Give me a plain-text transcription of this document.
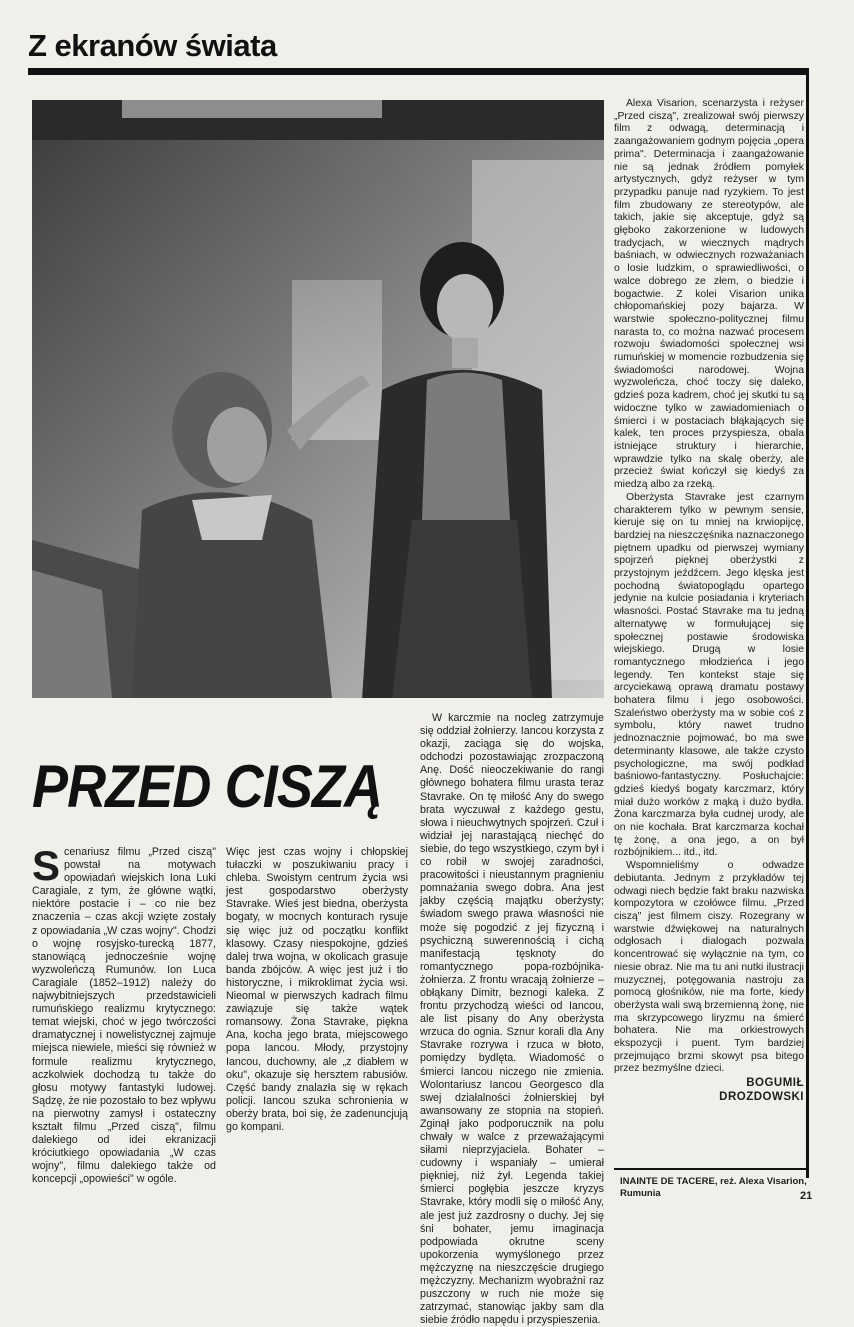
Z ekranów świata
PRZED CISZĄ

Scenariusz filmu „Przed ciszą" powstał na motywach opowiadań wiejskich Iona Luki Caragiale, z tym, że główne wątki, niektóre postacie i – co nie bez znaczenia – czas akcji wzięte zostały z opowiadania „W czas wojny". Chodzi o wojnę rosyjsko-turecką 1877, stanowiącą jednocześnie wojnę wyzwoleńczą Rumunów. Ion Luca Caragiale (1852–1912) należy do najwybitniejszych przedstawicieli rumuńskiego realizmu krytycznego: temat wiejski, choć w jego twórczości dramatycznej i nowelistycznej zajmuje miejsca niewiele, mieści się również w formule realizmu krytycznego, aczkolwiek dochodzą tu także do głosu motywy fantastyki ludowej. Sądzę, że nie pozostało to bez wpływu na pierwotny zamysł i ostateczny kształt filmu „Przed ciszą", filmu dalekiego od idei ekranizacji króciutkiego opowiadania „W czas wojny", filmu dalekiego także od koncepcji „opowieści" w ogóle.

Więc jest czas wojny i chłopskiej tułaczki w poszukiwaniu pracy i chleba. Swoistym centrum życia wsi jest gospodarstwo oberżysty Stavrake. Wieś jest biedna, oberżysta bogaty, w mocnych konturach rysuje się więc już od początku konflikt klasowy. Czasy niespokojne, gdzieś dalej trwa wojna, w okolicach grasuje banda zbójców. A więc jest już i tło historyczne, i mikroklimat życia wsi. Nieomal w pierwszych kadrach filmu zawiązuje się także wątek romansowy. Żona Stavrake, piękna Ana, kocha jego brata, miejscowego popa Iancou. Młody, przystojny Iancou, duchowny, ale „z diabłem w oku", okazuje się hersztem rabusiów. Część bandy znalazła się w rękach policji. Iancou szuka schronienia w oberży brata, boi się, że zadenuncjują go kompani.

W karczmie na nocleg zatrzymuje się oddział żołnierzy. Iancou korzysta z okazji, zaciąga się do wojska, odchodzi pozostawiając zrozpaczoną Anę. Dość nieoczekiwanie do rangi głównego bohatera filmu urasta teraz Stavrake. On tę miłość Any do swego brata wyczuwał z każdego gestu, słowa i nieuchwytnych spojrzeń. Czuł i widział jej narastającą niechęć do siebie, do tego wszystkiego, czym był i co robił w swojej zaradności, pracowitości i nieustannym pragnieniu pomnażania swego dobra. Ana jest jakby częścią majątku oberżysty; świadom swego prawa własności nie może się pogodzić z jej fizyczną i psychiczną suwerennością i cichą manifestacją tęsknoty do romantycznego popa-rozbójnika-żołnierza. Z frontu wracają żołnierze – obłąkany Dimitr, beznogi kaleka. Z frontu przychodzą wieści od Iancou, ale list pisany do Any oberżysta wrzuca do ognia. Sznur korali dla Any Stavrake rozrywa i rzuca w błoto, pomiędzy bydlęta. Wiadomość o śmierci Iancou niczego nie zmienia. Wolontariusz Iancou Georgesco dla swej działalności żołnierskiej był awansowany ze stopnia na stopień. Zginął jako podporucznik na polu chwały w walce z przeważającymi siłami nieprzyjaciela. Bohater – cudowny i wspaniały – umierał piękniej, niż żył. Legenda takiej śmierci pogłębia jeszcze kryzys Stavrake, który modli się o miłość Any, ale jest już zazdrosny o duchy. Jej się śni bohater, jemu imaginacja podpowiada okrutne sceny upokorzenia wymyślonego przez mężczyznę na nieszczęście drugiego mężczyzny. Mechanizm wyobraźni raz puszczony w ruch nie może się zatrzymać, stanowiąc jakby sam dla siebie źródło napędu i przyspieszenia.

Alexa Visarion, scenarzysta i reżyser „Przed ciszą", zrealizował swój pierwszy film z odwagą, determinacją i zaangażowaniem godnym pojęcia „opera prima". Determinacja i zaangażowanie nie są jednak źródłem pomyłek artystycznych, gdyż reżyser w tym przypadku panuje nad ryzykiem. To jest film zbudowany ze stereotypów, ale takich, jakie się akceptuje, gdyż są głęboko zakorzenione w ludowych tradycjach, w wiecznych mądrych baśniach, w odwiecznych rozważaniach o losie ludzkim, o sprawiedliwości, o walce dobrego ze złem, o biedzie i bogactwie. Z kolei Visarion unika chłopomańskiej pozy bajarza. W warstwie społeczno-politycznej filmu narasta to, co można nazwać procesem rozwoju świadomości społecznej wsi rumuńskiej w momencie rozbudzenia się świadomości narodowej. Wojna wyzwoleńcza, choć toczy się daleko, gdzieś poza kadrem, choć jej skutki tu są widoczne tylko w zawiadomieniach o śmierci i w postaciach błąkających się kalek, ten proces przyspiesza, obala istniejące struktury i hierarchie, wprawdzie tylko na skalę oberży, ale przecież świat kończył się kiedyś za miedzą albo za rzeką.

Oberżysta Stavrake jest czarnym charakterem tylko w pewnym sensie, kieruje się on tu mniej na krwiopijcę, bardziej na nieszczęśnika naznaczonego piętnem upadku od pierwszej wymiany spojrzeń pięknej oberżystki z przystojnym jeźdźcem. Jego klęska jest pochodną światopoglądu opartego jedynie na kulcie posiadania i kryteriach własności. Postać Stavrake ma tu jedną alternatywę w formułującej się społecznej postawie środowiska wiejskiego. Drugą w losie romantycznego młodzieńca i jego legendy. Ten kontekst staje się arcyciekawą oprawą dramatu postawy bohatera filmu i jego osobowości. Szaleństwo oberżysty ma w sobie coś z symbolu, który nawet trudno jednoznacznie pojmować, bo ma swe determinanty klasowe, ale także czysto psychologiczne, ma swój podkład baśniowo-fantastyczny. Posłuchajcie: gdzieś kiedyś bogaty karczmarz, który miał dużo worków z mąką i dużo bydła. Żona karczmarza była cudnej urody, ale on nie kochała. Brat karczmarza kochał tę żonę, a ona jego, a on był rozbójnikiem... itd., itd.

Wspomnieliśmy o odwadze debiutanta. Jednym z przykładów tej odwagi niech będzie fakt braku nazwiska kompozytora w czołówce filmu. „Przed ciszą" jest filmem ciszy. Rozegrany w warstwie dźwiękowej na naturalnych odgłosach i dialogach pozwala koncentrować się wyłącznie na tym, co niesie obraz. Nie ma tu ani nutki ilustracji muzycznej, potęgowania nastroju za pomocą głośników, nie ma forte, kiedy oberżysta wali swą brzemienną żonę, nie ma skrzypcowego liryzmu na śmierć bohatera. Nie ma orkiestrowych ekspozycji i puent. Tym bardziej przejmująco brzmi skowyt psa bitego przez bezmyślne dzieci.

BOGUMIŁ
DROZDOWSKI
INAINTE DE TACERE, reż. Alexa Visarion, Rumunia	21
